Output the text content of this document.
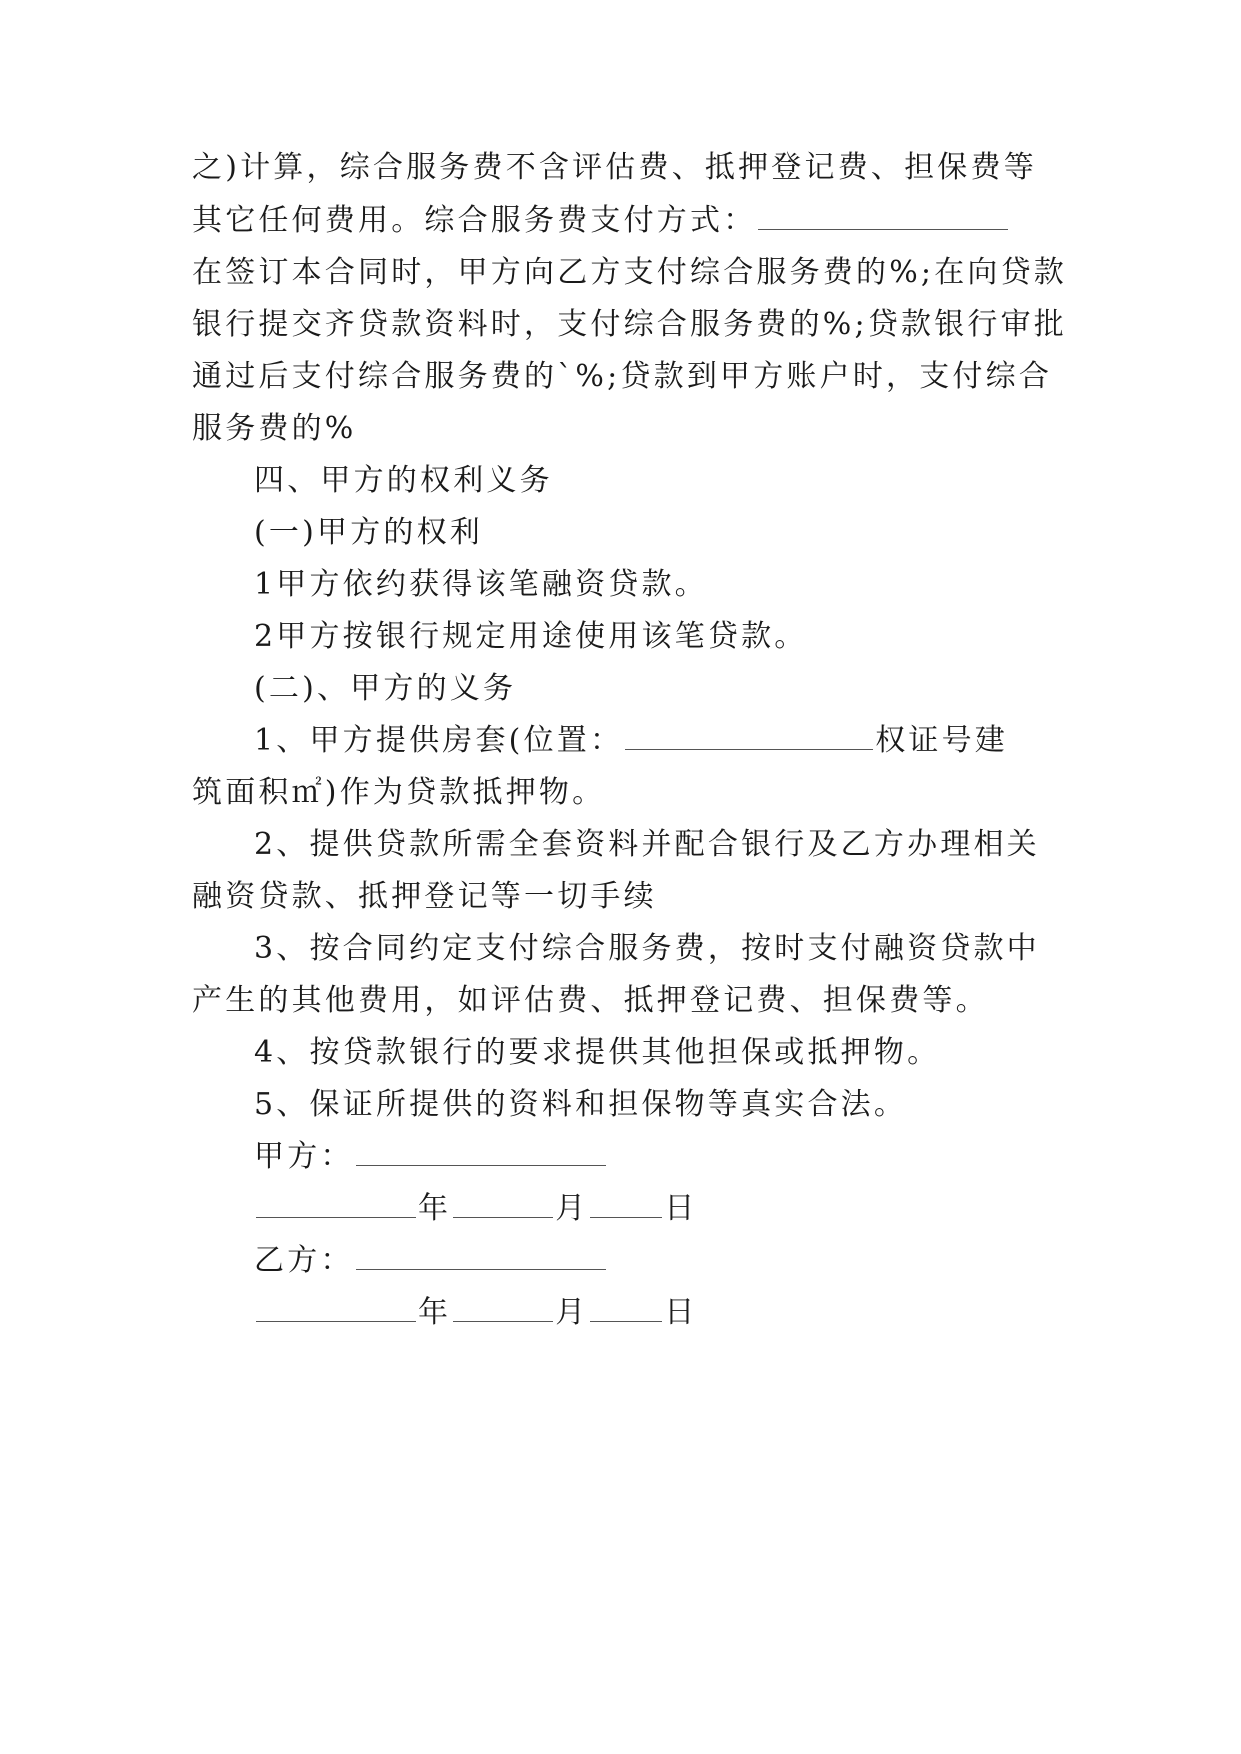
之)计算，综合服务费不含评估费、抵押登记费、担保费等
其它任何费用。综合服务费支付方式：
在签订本合同时，甲方向乙方支付综合服务费的%;在向贷款
银行提交齐贷款资料时，支付综合服务费的%;贷款银行审批
通过后支付综合服务费的`%;贷款到甲方账户时，支付综合
服务费的%
四、甲方的权利义务
(一)甲方的权利
1甲方依约获得该笔融资贷款。
2甲方按银行规定用途使用该笔贷款。
(二)、甲方的义务
1、甲方提供房套(位置：	权证号建
筑面积㎡)作为贷款抵押物。
2、提供贷款所需全套资料并配合银行及乙方办理相关
融资贷款、抵押登记等一切手续
3、按合同约定支付综合服务费，按时支付融资贷款中
产生的其他费用，如评估费、抵押登记费、担保费等。
4、按贷款银行的要求提供其他担保或抵押物。
5、保证所提供的资料和担保物等真实合法。
甲方：
年	月	日
乙方：
年	月	日
